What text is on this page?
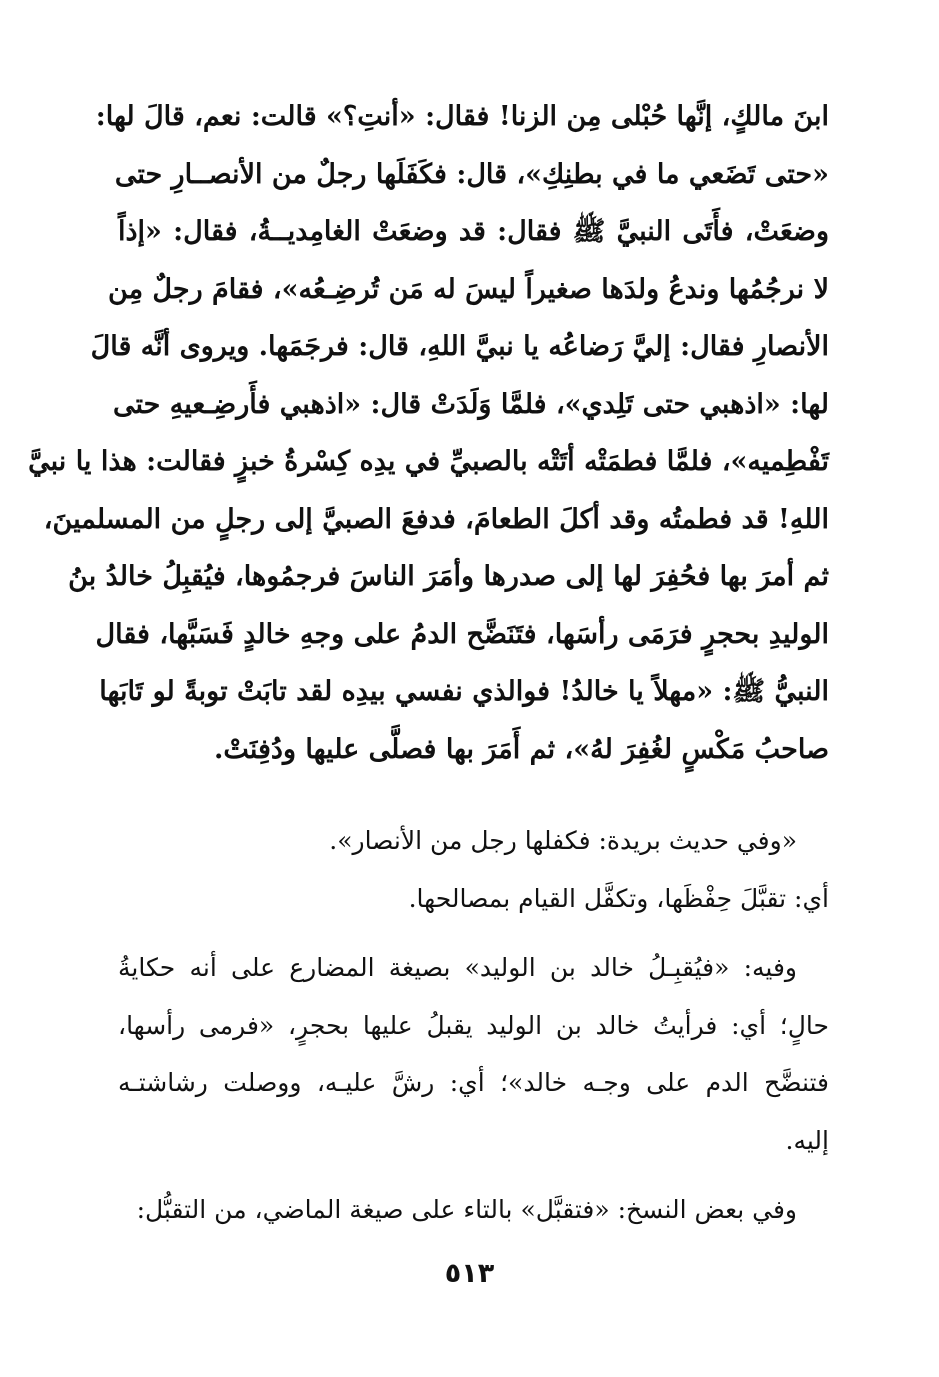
ابنَ مالكٍ، إنَّها حُبْلى مِن الزنا! فقال: «أنتِ؟» قالت: نعم، قالَ لها:
«حتى تَضَعي ما في بطنِكِ»، قال: فكَفَلَها رجلٌ من الأنصــارِ حتى
وضعَتْ، فأَتَى النبيَّ ﷺ فقال: قد وضعَتْ الغامِديــةُ، فقال: «إذاً
لا نرجُمُها وندعُ ولدَها صغيراً ليسَ له مَن تُرضِـعُه»، فقامَ رجلٌ مِن
الأنصارِ فقال: إليَّ رَضاعُه يا نبيَّ اللهِ، قال: فرجَمَها. ويروى أنَّه قالَ
لها: «اذهبي حتى تَلِدي»، فلمَّا وَلَدَتْ قال: «اذهبي فأَرضِـعيهِ حتى
تَفْطِميه»، فلمَّا فطمَتْه أتَتْه بالصبيِّ في يدِه كِسْرةُ خبزٍ فقالت: هذا يا نبيَّ
اللهِ! قد فطمتُه وقد أكلَ الطعامَ، فدفعَ الصبيَّ إلى رجلٍ من المسلمينَ،
ثم أمرَ بها فحُفِرَ لها إلى صدرها وأمَرَ الناسَ فرجمُوها، فيُقبِلُ خالدُ بنُ
الوليدِ بحجرٍ فرَمَى رأسَها، فتَنَضَّح الدمُ على وجهِ خالدٍ فَسَبَّها، فقال
النبيُّ ﷺ: «مهلاً يا خالدُ! فوالذي نفسي بيدِه لقد تابَتْ توبةً لو تَابَها
صاحبُ مَكْسٍ لغُفِرَ لهُ»، ثم أَمَرَ بها فصلَّى عليها ودُفِنَتْ.
«وفي حديث بريدة: فكفلها رجل من الأنصار».
أي: تقبَّلَ حِفْظَها، وتكفَّل القيام بمصالحها.
وفيه: «فيُقبِـلُ خالد بن الوليد» بصيغة المضارع على أنه حكايةُ
حالٍ؛ أي: فرأيتُ خالد بن الوليد يقبلُ عليها بحجرٍ، «فرمى رأسها،
فتنضَّح الدم على وجـه خالد»؛ أي: رشَّ عليـه، ووصلت رشاشتـه
إليه.
وفي بعض النسخ: «فتقبَّل» بالتاء على صيغة الماضي، من التقبُّل:
٥١٣
